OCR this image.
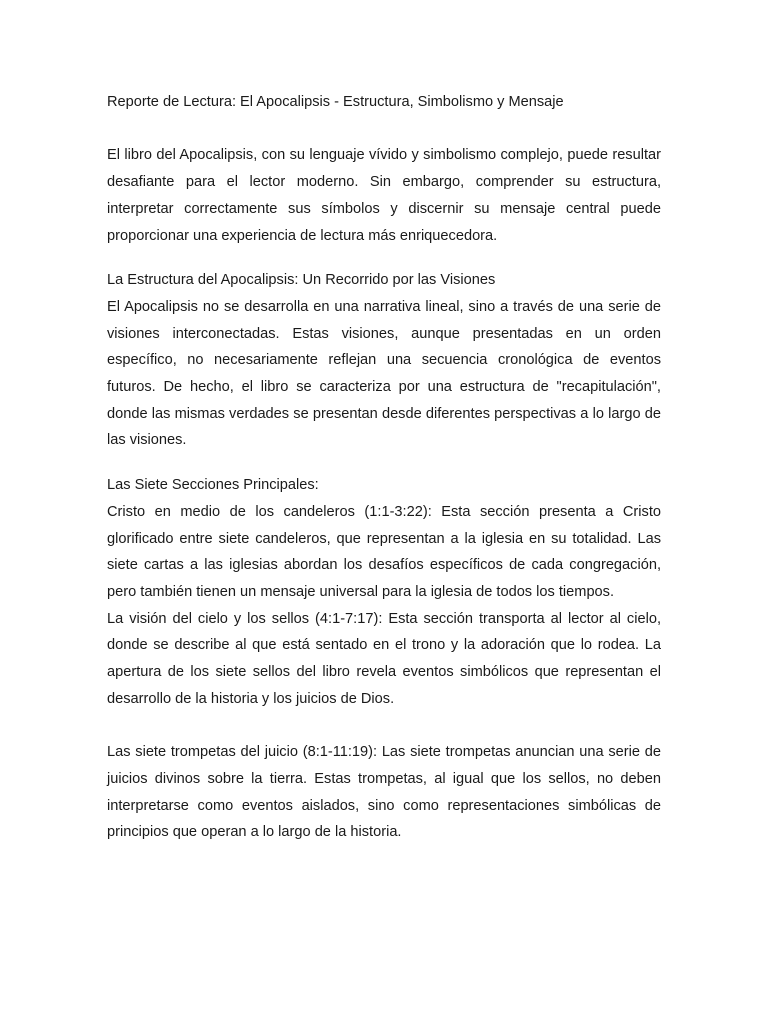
Reporte de Lectura: El Apocalipsis - Estructura, Simbolismo y Mensaje

El libro del Apocalipsis, con su lenguaje vívido y simbolismo complejo, puede resultar desafiante para el lector moderno. Sin embargo, comprender su estructura, interpretar correctamente sus símbolos y discernir su mensaje central puede proporcionar una experiencia de lectura más enriquecedora.

La Estructura del Apocalipsis: Un Recorrido por las Visiones

El Apocalipsis no se desarrolla en una narrativa lineal, sino a través de una serie de visiones interconectadas. Estas visiones, aunque presentadas en un orden específico, no necesariamente reflejan una secuencia cronológica de eventos futuros. De hecho, el libro se caracteriza por una estructura de "recapitulación", donde las mismas verdades se presentan desde diferentes perspectivas a lo largo de las visiones.

Las Siete Secciones Principales:

Cristo en medio de los candeleros (1:1-3:22): Esta sección presenta a Cristo glorificado entre siete candeleros, que representan a la iglesia en su totalidad. Las siete cartas a las iglesias abordan los desafíos específicos de cada congregación, pero también tienen un mensaje universal para la iglesia de todos los tiempos.

La visión del cielo y los sellos (4:1-7:17): Esta sección transporta al lector al cielo, donde se describe al que está sentado en el trono y la adoración que lo rodea. La apertura de los siete sellos del libro revela eventos simbólicos que representan el desarrollo de la historia y los juicios de Dios.

Las siete trompetas del juicio (8:1-11:19): Las siete trompetas anuncian una serie de juicios divinos sobre la tierra. Estas trompetas, al igual que los sellos, no deben interpretarse como eventos aislados, sino como representaciones simbólicas de principios que operan a lo largo de la historia.
